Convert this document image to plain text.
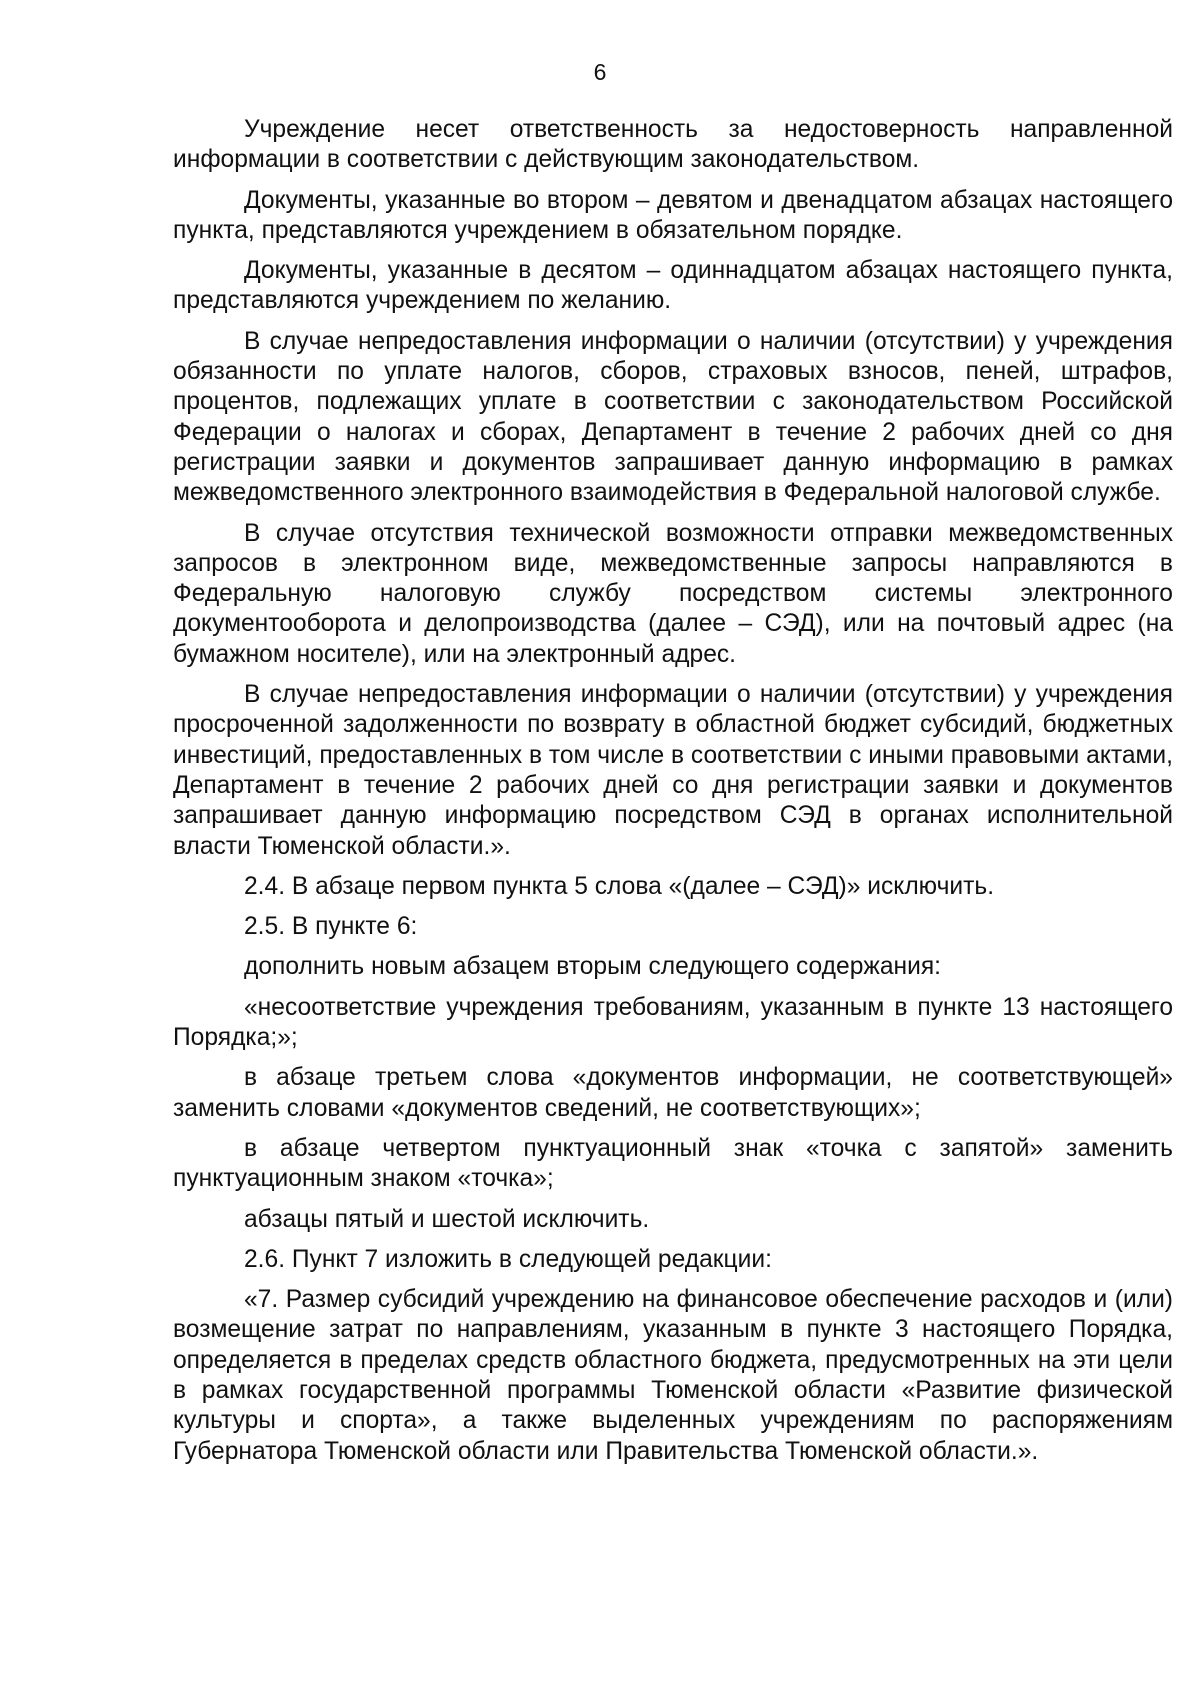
6

Учреждение несет ответственность за недостоверность направленной информации в соответствии с действующим законодательством.

Документы, указанные во втором – девятом и двенадцатом абзацах настоящего пункта, представляются учреждением в обязательном порядке.

Документы, указанные в десятом – одиннадцатом абзацах настоящего пункта, представляются учреждением по желанию.

В случае непредоставления информации о наличии (отсутствии) у учреждения обязанности по уплате налогов, сборов, страховых взносов, пеней, штрафов, процентов, подлежащих уплате в соответствии с законодательством Российской Федерации о налогах и сборах, Департамент в течение 2 рабочих дней со дня регистрации заявки и документов запрашивает данную информацию в рамках межведомственного электронного взаимодействия в Федеральной налоговой службе.

В случае отсутствия технической возможности отправки межведомственных запросов в электронном виде, межведомственные запросы направляются в Федеральную налоговую службу посредством системы электронного документооборота и делопроизводства (далее – СЭД), или на почтовый адрес (на бумажном носителе), или на электронный адрес.

В случае непредоставления информации о наличии (отсутствии) у учреждения просроченной задолженности по возврату в областной бюджет субсидий, бюджетных инвестиций, предоставленных в том числе в соответствии с иными правовыми актами, Департамент в течение 2 рабочих дней со дня регистрации заявки и документов запрашивает данную информацию посредством СЭД в органах исполнительной власти Тюменской области.».

2.4. В абзаце первом пункта 5 слова «(далее – СЭД)» исключить.

2.5. В пункте 6:

дополнить новым абзацем вторым следующего содержания:

«несоответствие учреждения требованиям, указанным в пункте 13 настоящего Порядка;»;

в абзаце третьем слова «документов информации, не соответствующей» заменить словами «документов сведений, не соответствующих»;

в абзаце четвертом пунктуационный знак «точка с запятой» заменить пунктуационным знаком «точка»;

абзацы пятый и шестой исключить.

2.6. Пункт 7 изложить в следующей редакции:

«7. Размер субсидий учреждению на финансовое обеспечение расходов и (или) возмещение затрат по направлениям, указанным в пункте 3 настоящего Порядка, определяется в пределах средств областного бюджета, предусмотренных на эти цели в рамках государственной программы Тюменской области «Развитие физической культуры и спорта», а также выделенных учреждениям по распоряжениям Губернатора Тюменской области или Правительства Тюменской области.».
